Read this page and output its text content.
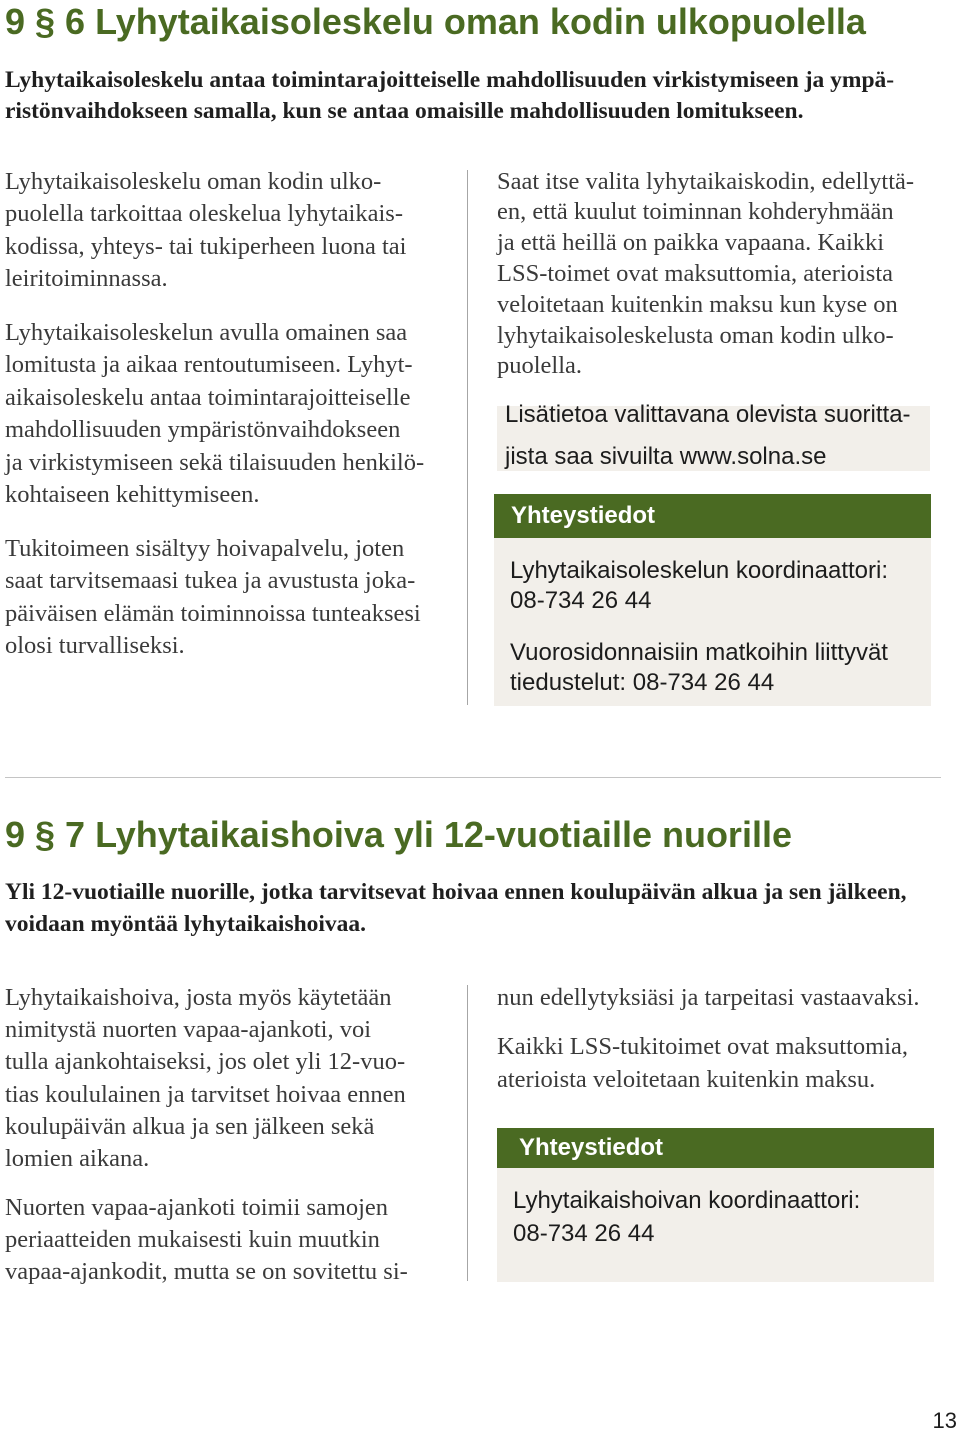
9 § 6 Lyhytaikaisoleskelu oman kodin ulkopuolella
Lyhytaikaisoleskelu antaa toimintarajoitteiselle mahdollisuuden virkistymiseen ja ympä-
ristönvaihdokseen samalla, kun se antaa omaisille mahdollisuuden lomitukseen.
Lyhytaikaisoleskelu oman kodin ulko-
puolella tarkoittaa oleskelua lyhytaikais-
kodissa, yhteys- tai tukiperheen luona tai
leiritoiminnassa.
Lyhytaikaisoleskelun avulla omainen saa
lomitusta ja aikaa rentoutumiseen. Lyhyt-
aikaisoleskelu antaa toimintarajoitteiselle
mahdollisuuden ympäristönvaihdokseen
ja virkistymiseen sekä tilaisuuden henkilö-
kohtaiseen kehittymiseen.
Tukitoimeen sisältyy hoivapalvelu, joten
saat tarvitsemaasi tukea ja avustusta joka-
päiväisen elämän toiminnoissa tunteaksesi
olosi turvalliseksi.
Saat itse valita lyhytaikaiskodin, edellyttä-
en, että kuulut toiminnan kohderyhmään
ja että heillä on paikka vapaana. Kaikki
LSS-toimet ovat maksuttomia, aterioista
veloitetaan kuitenkin maksu kun kyse on
lyhytaikaisoleskelusta oman kodin ulko-
puolella.
Lisätietoa valittavana olevista suoritta-
jista saa sivuilta www.solna.se
Yhteystiedot
Lyhytaikaisoleskelun koordinaattori:
08-734 26 44
Vuorosidonnaisiin matkoihin liittyvät
tiedustelut: 08-734 26 44
9 § 7 Lyhytaikaishoiva yli 12-vuotiaille nuorille
Yli 12-vuotiaille nuorille, jotka tarvitsevat hoivaa ennen koulupäivän alkua ja sen jälkeen,
voidaan myöntää lyhytaikaishoivaa.
Lyhytaikaishoiva, josta myös käytetään
nimitystä nuorten vapaa-ajankoti, voi
tulla ajankohtaiseksi, jos olet yli 12-vuo-
tias koululainen ja tarvitset hoivaa ennen
koulupäivän alkua ja sen jälkeen sekä
lomien aikana.
Nuorten vapaa-ajankoti toimii samojen
periaatteiden mukaisesti kuin muutkin
vapaa-ajankodit, mutta se on sovitettu si-
nun edellytyksiäsi ja tarpeitasi vastaavaksi.
Kaikki LSS-tukitoimet ovat maksuttomia,
aterioista veloitetaan kuitenkin maksu.
Yhteystiedot
Lyhytaikaishoivan koordinaattori:
08-734 26 44
13
